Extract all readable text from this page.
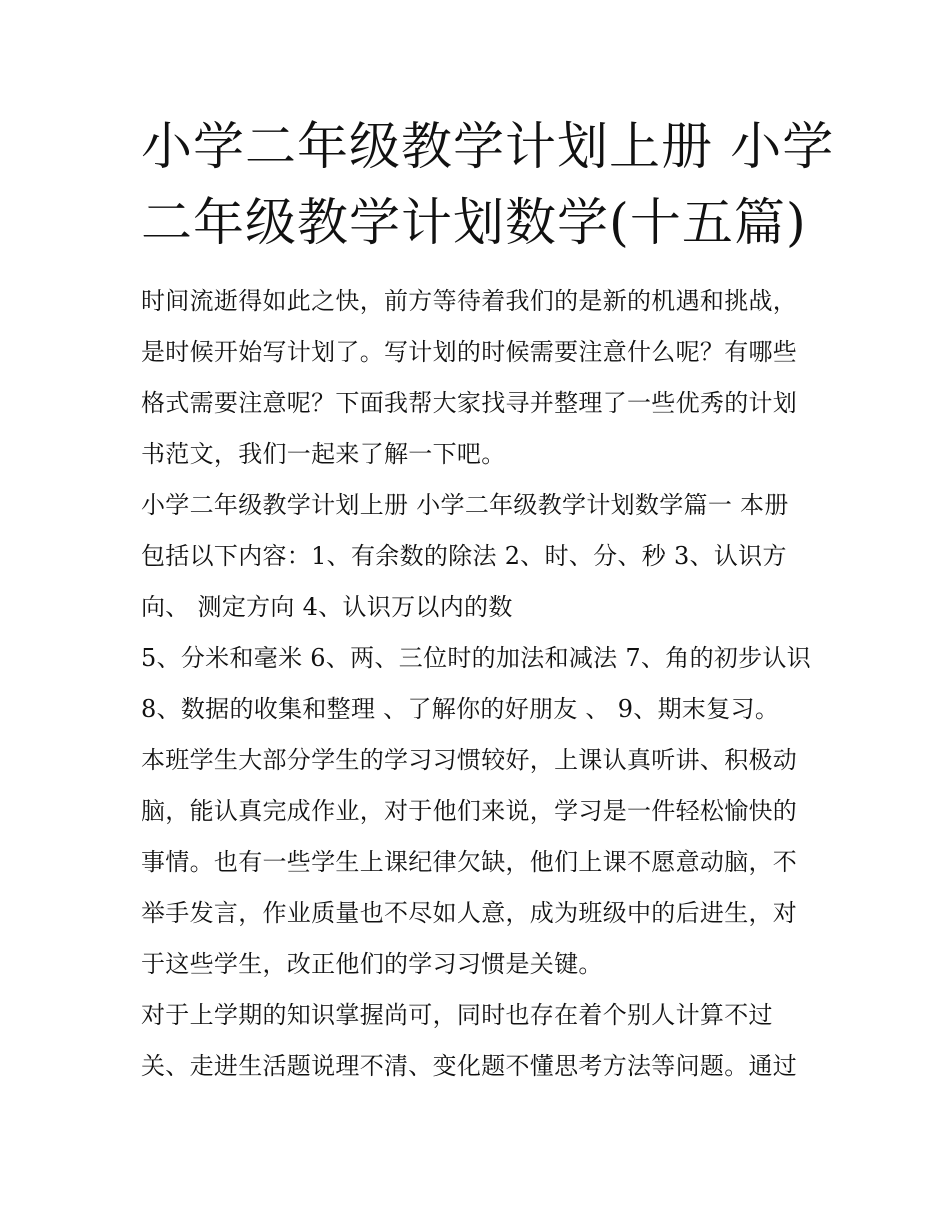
小学二年级教学计划上册 小学
二年级教学计划数学(十五篇)
时间流逝得如此之快，前方等待着我们的是新的机遇和挑战，
是时候开始写计划了。写计划的时候需要注意什么呢？有哪些
格式需要注意呢？下面我帮大家找寻并整理了一些优秀的计划
书范文，我们一起来了解一下吧。
小学二年级教学计划上册 小学二年级教学计划数学篇一 本册
包括以下内容：1、有余数的除法 2、时、分、秒 3、认识方
向、 测定方向 4、认识万以内的数
5、分米和毫米 6、两、三位时的加法和减法 7、角的初步认识
8、数据的收集和整理 、了解你的好朋友 、 9、期末复习。
本班学生大部分学生的学习习惯较好，上课认真听讲、积极动
脑，能认真完成作业，对于他们来说，学习是一件轻松愉快的
事情。也有一些学生上课纪律欠缺，他们上课不愿意动脑，不
举手发言，作业质量也不尽如人意，成为班级中的后进生，对
于这些学生，改正他们的学习习惯是关键。
对于上学期的知识掌握尚可，同时也存在着个别人计算不过
关、走进生活题说理不清、变化题不懂思考方法等问题。通过
